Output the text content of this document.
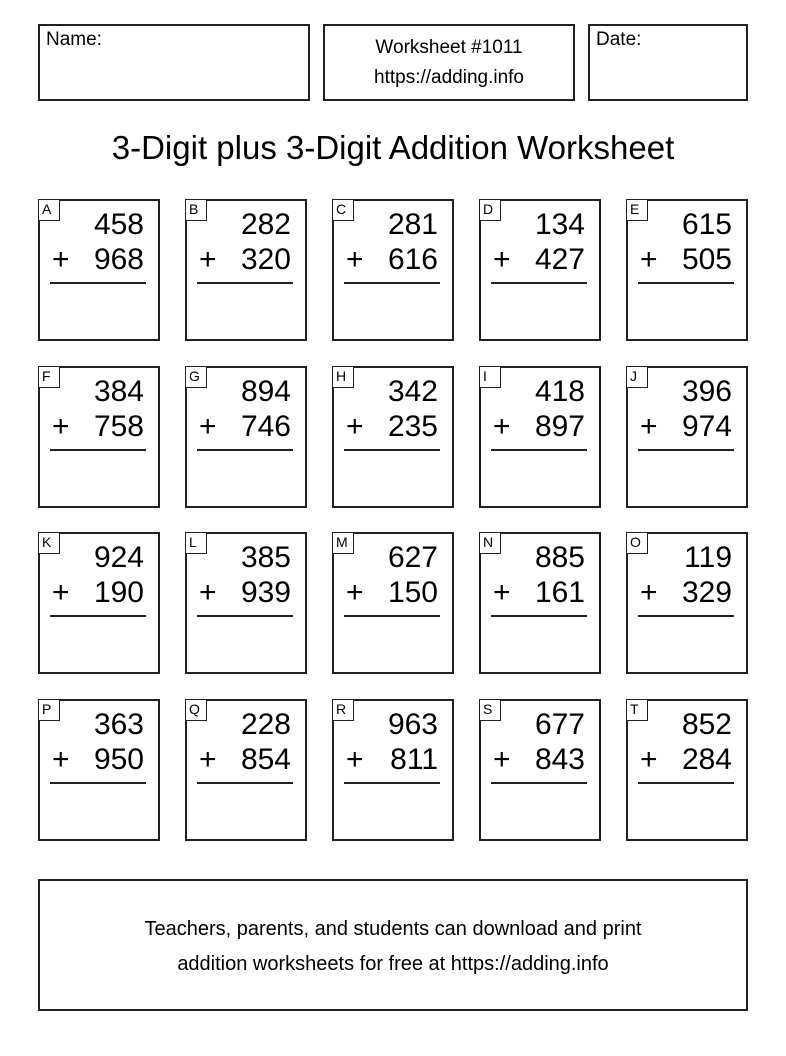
Name:	Worksheet #1011
https://adding.info
Date:
3-Digit plus 3-Digit Addition Worksheet
A 458
+ 968
B 282
+ 320
C 281
+ 616
D 134
+ 427
E 615
+ 505
F	384
+ 758
G 894
+ 746
H 342
+ 235
I	418
+ 897
J	396
+ 974
K 924
+ 190
L	385
+ 939
M 627
+ 150
N 885
+ 161
O 119
+ 329
P 363
+ 950
Q 228
+ 854
R 963
+ 811
S 677
+ 843
T	852
+ 284
Teachers, parents, and students can download and print
addition worksheets for free at https://adding.info
